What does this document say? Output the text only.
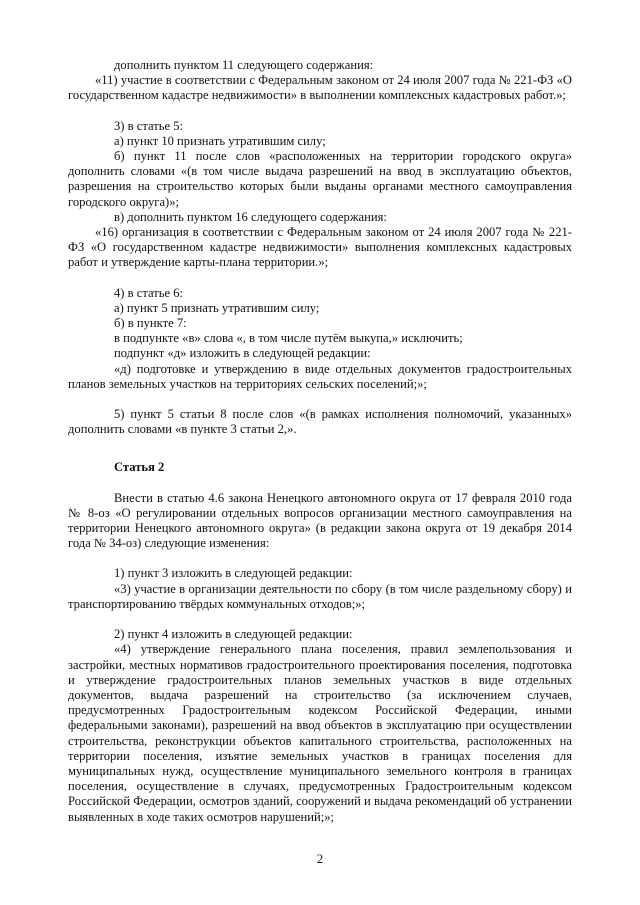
дополнить пунктом 11 следующего содержания:

«11) участие в соответствии с Федеральным законом от 24 июля 2007 года № 221-ФЗ «О государственном кадастре недвижимости» в выполнении комплексных кадастровых работ.»;

3) в статье 5:

а) пункт 10 признать утратившим силу;

б) пункт 11 после слов «расположенных на территории городского округа» дополнить словами «(в том числе выдача разрешений на ввод в эксплуатацию объектов, разрешения на строительство которых были выданы органами местного самоуправления городского округа)»;

в) дополнить пунктом 16 следующего содержания:

«16) организация в соответствии с Федеральным законом от 24 июля 2007 года № 221-ФЗ «О государственном кадастре недвижимости» выполнения комплексных кадастровых работ и утверждение карты-плана территории.»;

4) в статье 6:

а) пункт 5 признать утратившим силу;

б) в пункте 7:

в подпункте «в» слова «, в том числе путём выкупа,» исключить;

подпункт «д» изложить в следующей редакции:

«д) подготовке и утверждению в виде отдельных документов градостроительных планов земельных участков на территориях сельских поселений;»;

5) пункт 5 статьи 8 после слов «(в рамках исполнения полномочий, указанных» дополнить словами «в пункте 3 статьи 2,».

Статья 2

Внести в статью 4.6 закона Ненецкого автономного округа от 17 февраля 2010 года № 8-оз «О регулировании отдельных вопросов организации местного самоуправления на территории Ненецкого автономного округа» (в редакции закона округа от 19 декабря 2014 года № 34-оз) следующие изменения:

1) пункт 3 изложить в следующей редакции:

«3) участие в организации деятельности по сбору (в том числе раздельному сбору) и транспортированию твёрдых коммунальных отходов;»;

2) пункт 4 изложить в следующей редакции:

«4) утверждение генерального плана поселения, правил землепользования и застройки, местных нормативов градостроительного проектирования поселения, подготовка и утверждение градостроительных планов земельных участков в виде отдельных документов, выдача разрешений на строительство (за исключением случаев, предусмотренных Градостроительным кодексом Российской Федерации, иными федеральными законами), разрешений на ввод объектов в эксплуатацию при осуществлении строительства, реконструкции объектов капитального строительства, расположенных на территории поселения, изъятие земельных участков в границах поселения для муниципальных нужд, осуществление муниципального земельного контроля в границах поселения, осуществление в случаях, предусмотренных Градостроительным кодексом Российской Федерации, осмотров зданий, сооружений и выдача рекомендаций об устранении выявленных в ходе таких осмотров нарушений;»;

2
